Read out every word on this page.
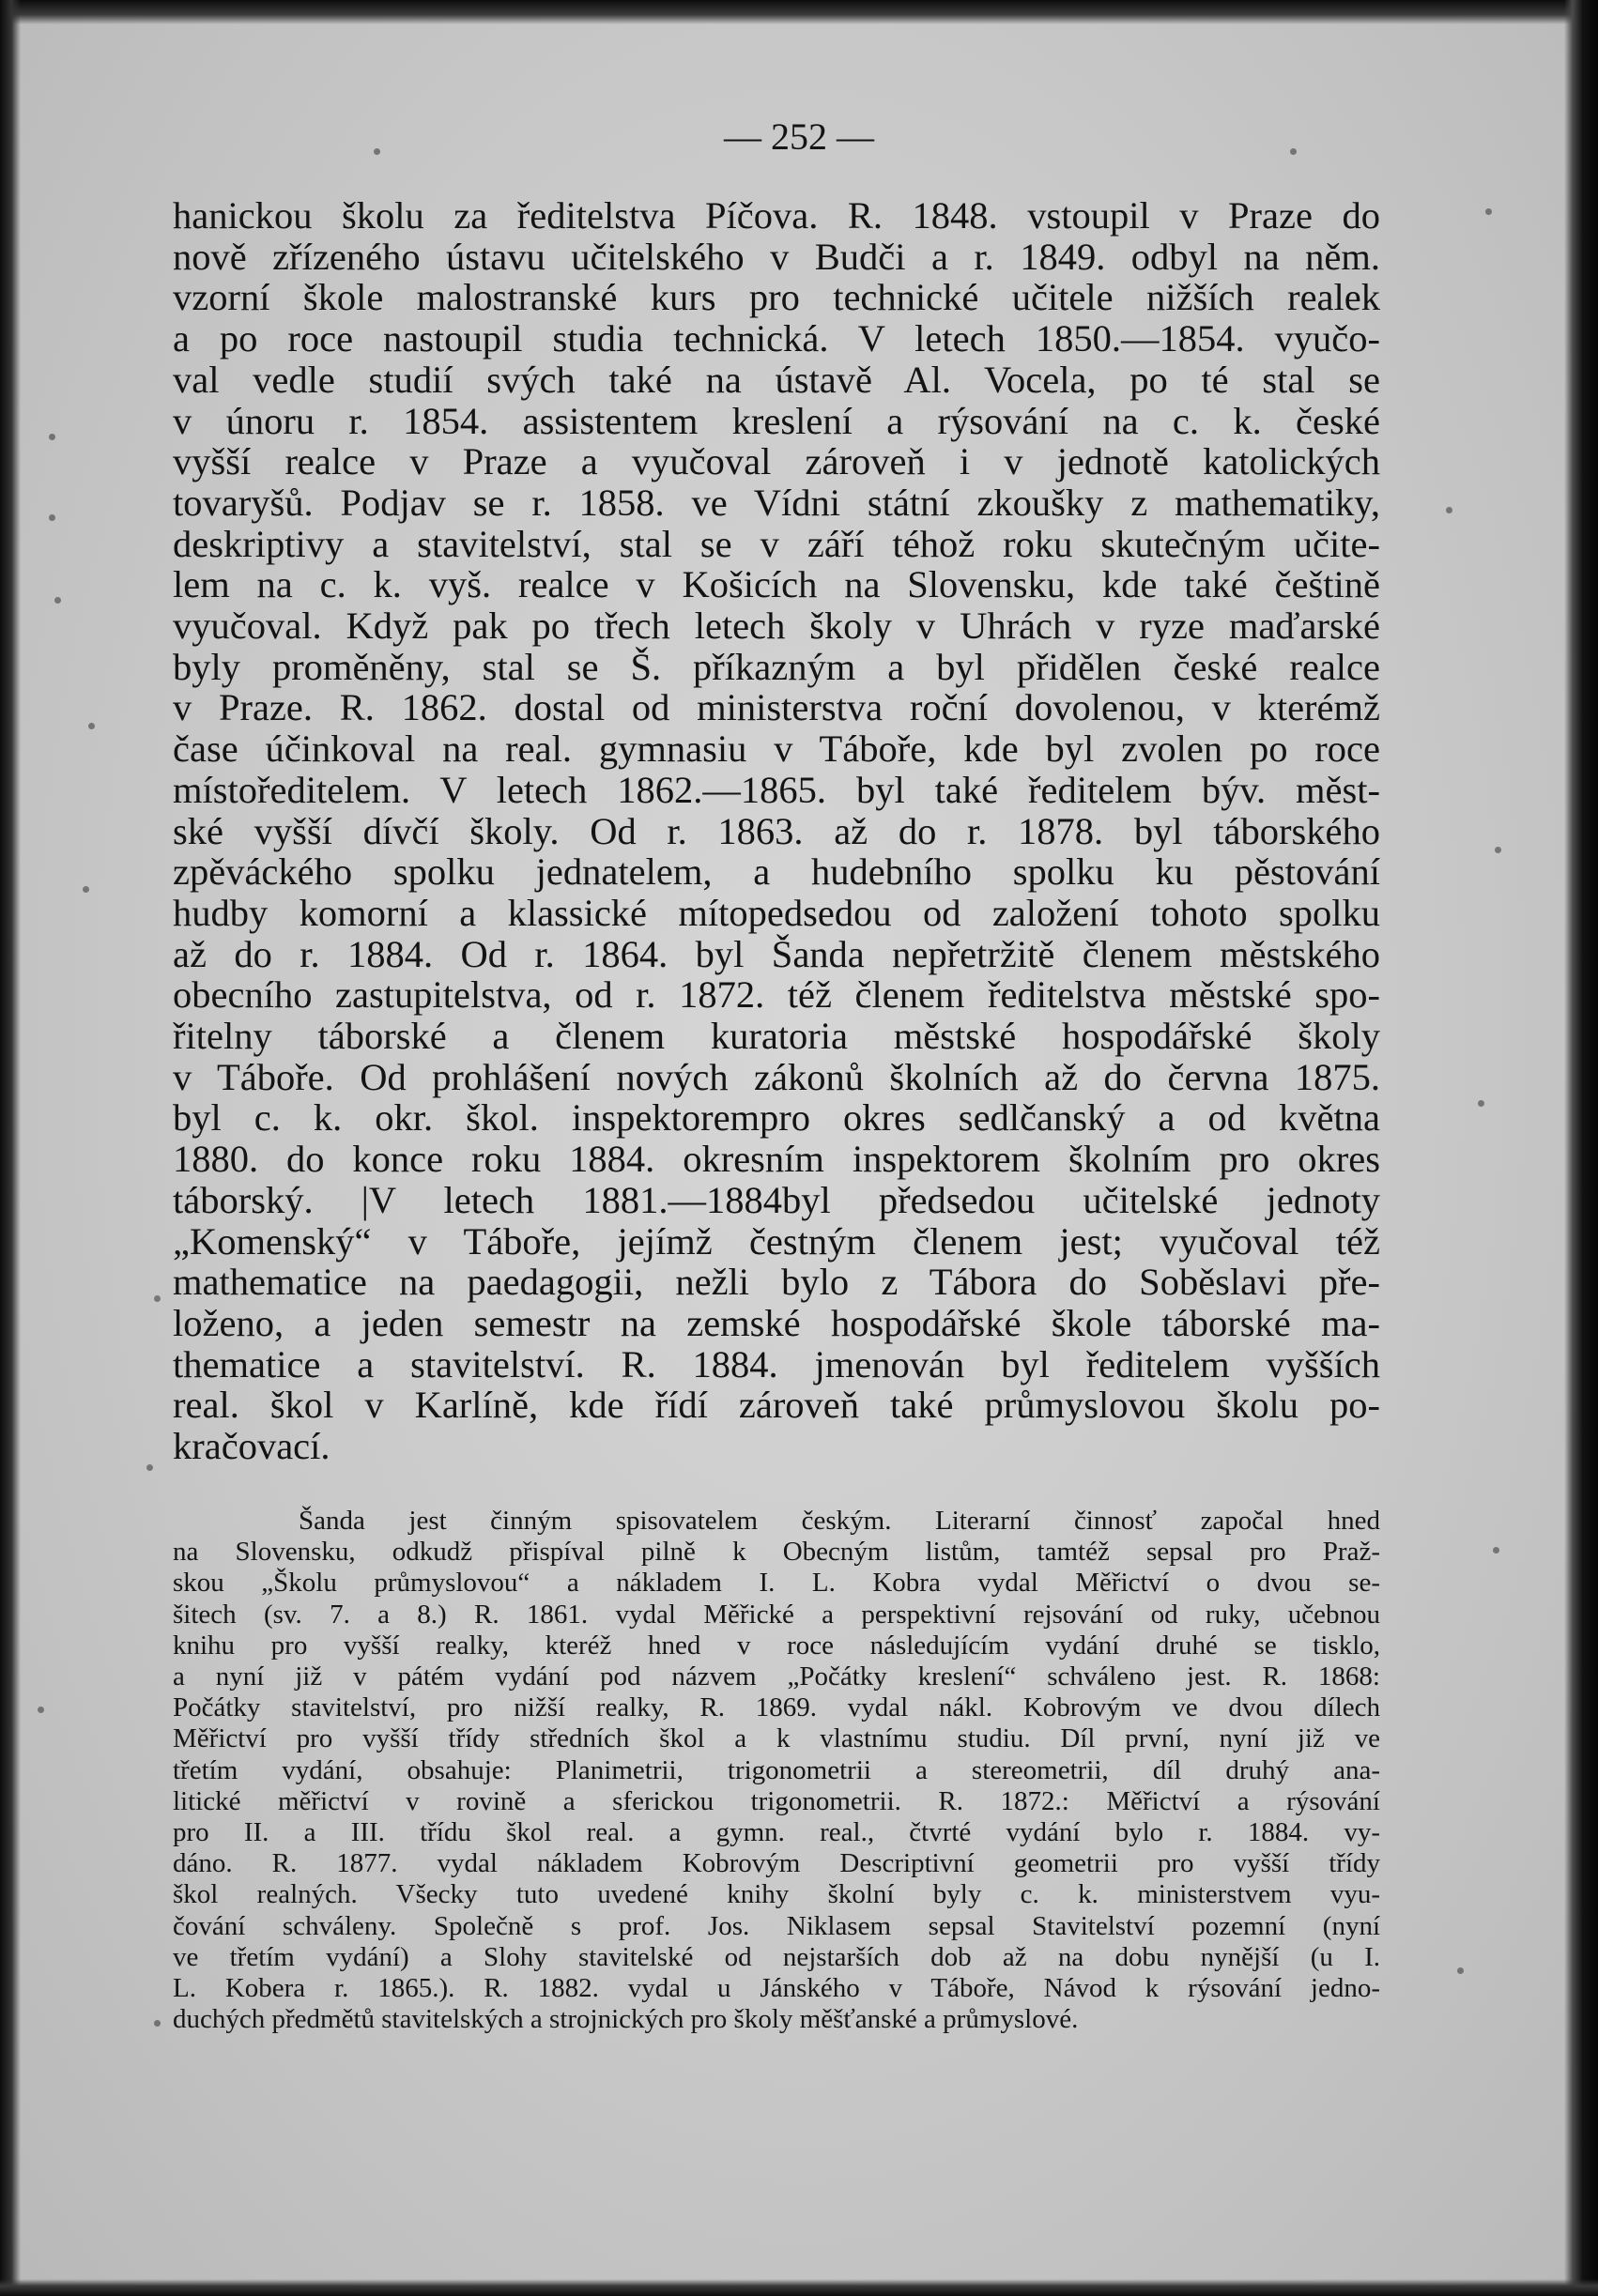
— 252 —
hanickou školu za ředitelstva Píčova. R. 1848. vstoupil v Praze do
nově zřízeného ústavu učitelského v Budči a r. 1849. odbyl na něm.
vzorní škole malostranské kurs pro technické učitele nižších realek
a po roce nastoupil studia technická. V letech 1850.—1854. vyučo-
val vedle studií svých také na ústavě Al. Vocela, po té stal se
v únoru r. 1854. assistentem kreslení a rýsování na c. k. české
vyšší realce v Praze a vyučoval zároveň i v jednotě katolických
tovaryšů. Podjav se r. 1858. ve Vídni státní zkoušky z mathematiky,
deskriptivy a stavitelství, stal se v září téhož roku skutečným učite-
lem na c. k. vyš. realce v Košicích na Slovensku, kde také češtině
vyučoval. Když pak po třech letech školy v Uhrách v ryze maďarské
byly proměněny, stal se Š. příkazným a byl přidělen české realce
v Praze. R. 1862. dostal od ministerstva roční dovolenou, v kterémž
čase účinkoval na real. gymnasiu v Táboře, kde byl zvolen po roce
místoředitelem. V letech 1862.—1865. byl také ředitelem býv. měst-
ské vyšší dívčí školy. Od r. 1863. až do r. 1878. byl táborského
zpěváckého spolku jednatelem, a hudebního spolku ku pěstování
hudby komorní a klassické mítopedsedou od založení tohoto spolku
až do r. 1884. Od r. 1864. byl Šanda nepřetržitě členem městského
obecního zastupitelstva, od r. 1872. též členem ředitelstva městské spo-
řitelny táborské a členem kuratoria městské hospodářské školy
v Táboře. Od prohlášení nových zákonů školních až do června 1875.
byl c. k. okr. škol. inspektorempro okres sedlčanský a od května
1880. do konce roku 1884. okresním inspektorem školním pro okres
táborský. |V letech 1881.—1884byl předsedou učitelské jednoty
„Komenský“ v Táboře, jejímž čestným členem jest; vyučoval též
mathematice na paedagogii, nežli bylo z Tábora do Soběslavi pře-
loženo, a jeden semestr na zemské hospodářské škole táborské ma-
thematice a stavitelství. R. 1884. jmenován byl ředitelem vyšších
real. škol v Karlíně, kde řídí zároveň také průmyslovou školu po-
kračovací.
Šanda jest činným spisovatelem českým. Literarní činnosť započal hned
na Slovensku, odkudž přispíval pilně k Obecným listům, tamtéž sepsal pro Praž-
skou „Školu průmyslovou“ a nákladem I. L. Kobra vydal Měřictví o dvou se-
šitech (sv. 7. a 8.) R. 1861. vydal Měřické a perspektivní rejsování od ruky, učebnou
knihu pro vyšší realky, kteréž hned v roce následujícím vydání druhé se tisklo,
a nyní již v pátém vydání pod názvem „Počátky kreslení“ schváleno jest. R. 1868:
Počátky stavitelství, pro nižší realky, R. 1869. vydal nákl. Kobrovým ve dvou dílech
Měřictví pro vyšší třídy středních škol a k vlastnímu studiu. Díl první, nyní již ve
třetím vydání, obsahuje: Planimetrii, trigonometrii a stereometrii, díl druhý ana-
litické měřictví v rovině a sferickou trigonometrii. R. 1872.: Měřictví a rýsování
pro II. a III. třídu škol real. a gymn. real., čtvrté vydání bylo r. 1884. vy-
dáno. R. 1877. vydal nákladem Kobrovým Descriptivní geometrii pro vyšší třídy
škol realných. Všecky tuto uvedené knihy školní byly c. k. ministerstvem vyu-
čování schváleny. Společně s prof. Jos. Niklasem sepsal Stavitelství pozemní (nyní
ve třetím vydání) a Slohy stavitelské od nejstarších dob až na dobu nynější (u I.
L. Kobera r. 1865.). R. 1882. vydal u Jánského v Táboře, Návod k rýsování jedno-
duchých předmětů stavitelských a strojnických pro školy měšťanské a průmyslové.
